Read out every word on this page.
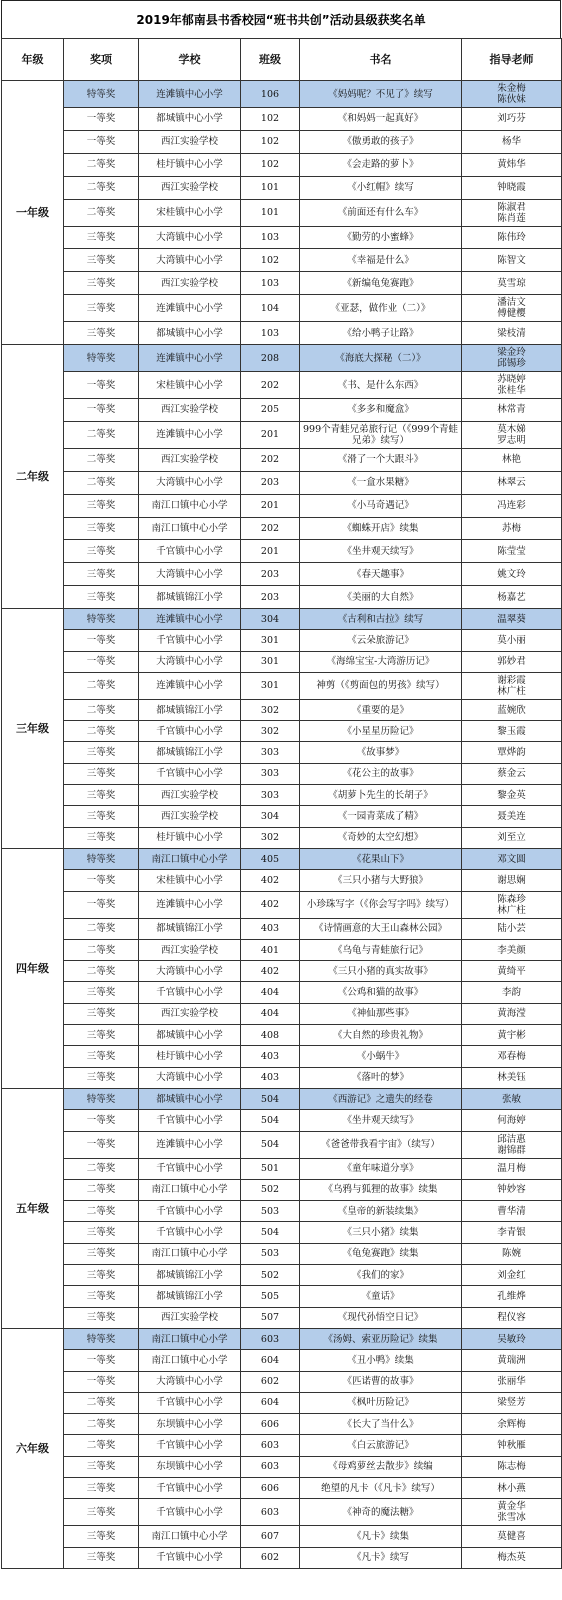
2019年郁南县书香校园“班书共创”活动县级获奖名单
年级	奖项	学校	班级	书名	指导老师
一年级	特等奖	连滩镇中心小学	106	《妈妈呢？不见了》续写	朱金梅
陈伙妹
	一等奖	都城镇中心小学	102	《和妈妈一起真好》	刘巧芬
	一等奖	西江实验学校	102	《傲勇敢的孩子》	杨华
	二等奖	桂圩镇中心小学	102	《会走路的萝卜》	黄炜华
	二等奖	西江实验学校	101	《小红帽》续写	钟晓霞
	二等奖	宋桂镇中心小学	101	《前面还有什么车》	陈淑君
陈肖莲
	三等奖	大湾镇中心小学	103	《勤劳的小蜜蜂》	陈伟玲
	三等奖	大湾镇中心小学	102	《幸福是什么》	陈智文
	三等奖	西江实验学校	103	《新编龟兔赛跑》	莫雪琼
	三等奖	连滩镇中心小学	104	《亚瑟，做作业（二）》	潘洁文
傅健樱
	三等奖	都城镇中心小学	103	《给小鸭子让路》	梁枝清
二年级	特等奖	连滩镇中心小学	208	《海底大探秘（二）》	梁金玲
邱锡珍
	一等奖	宋桂镇中心小学	202	《书、是什么东西》	苏晓婷
张桂华
	一等奖	西江实验学校	205	《多多和魔盒》	林常青
	二等奖	连滩镇中心小学	201	999个青蛙兄弟旅行记（《999个青蛙兄弟》续写）	莫木娣
罗志明
	二等奖	西江实验学校	202	《滑了一个大跟斗》	林艳
	二等奖	大湾镇中心小学	203	《一盒水果糖》	林翠云
	三等奖	南江口镇中心小学	201	《小马奇遇记》	冯连彩
	三等奖	南江口镇中心小学	202	《蜘蛛开店》续集	苏梅
	三等奖	千官镇中心小学	201	《坐井观天续写》	陈莹莹
	三等奖	大湾镇中心小学	203	《春天趣事》	姚文玲
	三等奖	都城镇锦江小学	203	《美丽的大自然》	杨嘉艺
三年级	特等奖	连滩镇中心小学	304	《古利和古拉》续写	温翠葵
	一等奖	千官镇中心小学	301	《云朵旅游记》	莫小丽
	一等奖	大湾镇中心小学	301	《海绵宝宝-大湾游历记》	郭妙君
	二等奖	连滩镇中心小学	301	神剪（《剪面包的男孩》续写）	谢彩霞
林广柱
	二等奖	都城镇锦江小学	302	《重要的是》	蓝婉欣
	二等奖	千官镇中心小学	302	《小星星历险记》	黎玉霞
	三等奖	都城镇锦江小学	303	《故事梦》	覃烨韵
	三等奖	千官镇中心小学	303	《花公主的故事》	蔡金云
	三等奖	西江实验学校	303	《胡萝卜先生的长胡子》	黎金英
	三等奖	西江实验学校	304	《一园青菜成了精》	聂美连
	三等奖	桂圩镇中心小学	302	《奇妙的太空幻想》	刘至立
四年级	特等奖	南江口镇中心小学	405	《花果山下》	邓文圆
	一等奖	宋桂镇中心小学	402	《三只小猪与大野狼》	谢思娴
	一等奖	连滩镇中心小学	402	小珍珠写字（《你会写字吗》续写）	陈森珍
林广柱
	二等奖	都城镇锦江小学	403	《诗情画意的大王山森林公园》	陆小芸
	二等奖	西江实验学校	401	《乌龟与青蛙旅行记》	李美颜
	二等奖	大湾镇中心小学	402	《三只小猪的真实故事》	黄绮平
	三等奖	千官镇中心小学	404	《公鸡和猫的故事》	李韵
	三等奖	西江实验学校	404	《神仙那些事》	黄海滢
	三等奖	都城镇中心小学	408	《大自然的珍贵礼物》	黄宇彬
	三等奖	桂圩镇中心小学	403	《小蜗牛》	邓春梅
	三等奖	大湾镇中心小学	403	《落叶的梦》	林美钰
五年级	特等奖	都城镇中心小学	504	《西游记》之遗失的经卷	张敏
	一等奖	千官镇中心小学	504	《坐井观天续写》	何海婷
	一等奖	连滩镇中心小学	504	《爸爸带我看宇宙》（续写）	邱洁惠
谢锦群
	二等奖	千官镇中心小学	501	《童年味道分享》	温月梅
	二等奖	南江口镇中心小学	502	《乌鸦与狐狸的故事》续集	钟妙容
	二等奖	千官镇中心小学	503	《皇帝的新装续集》	曹华清
	三等奖	千官镇中心小学	504	《三只小猪》续集	李青银
	三等奖	南江口镇中心小学	503	《龟兔赛跑》续集	陈婉
	三等奖	都城镇锦江小学	502	《我们的家》	刘金红
	三等奖	都城镇锦江小学	505	《童话》	孔维烨
	三等奖	西江实验学校	507	《现代孙悟空日记》	程仪容
六年级	特等奖	南江口镇中心小学	603	《汤姆、索亚历险记》续集	吴敏玲
	一等奖	南江口镇中心小学	604	《丑小鸭》续集	黄瑞洲
	一等奖	大湾镇中心小学	602	《匹诺曹的故事》	张丽华
	二等奖	千官镇中心小学	604	《枫叶历险记》	梁竖芳
	二等奖	东坝镇中心小学	606	《长大了当什么》	余辉梅
	二等奖	千官镇中心小学	603	《白云旅游记》	钟秋雁
	三等奖	东坝镇中心小学	603	《母鸡萝丝去散步》续编	陈志梅
	三等奖	千官镇中心小学	606	绝望的凡卡（《凡卡》续写）	林小燕
	三等奖	千官镇中心小学	603	《神奇的魔法糖》	黄金华
张雪冰
	三等奖	南江口镇中心小学	607	《凡卡》续集	莫健喜
	三等奖	千官镇中心小学	602	《凡卡》续写	梅杰英
